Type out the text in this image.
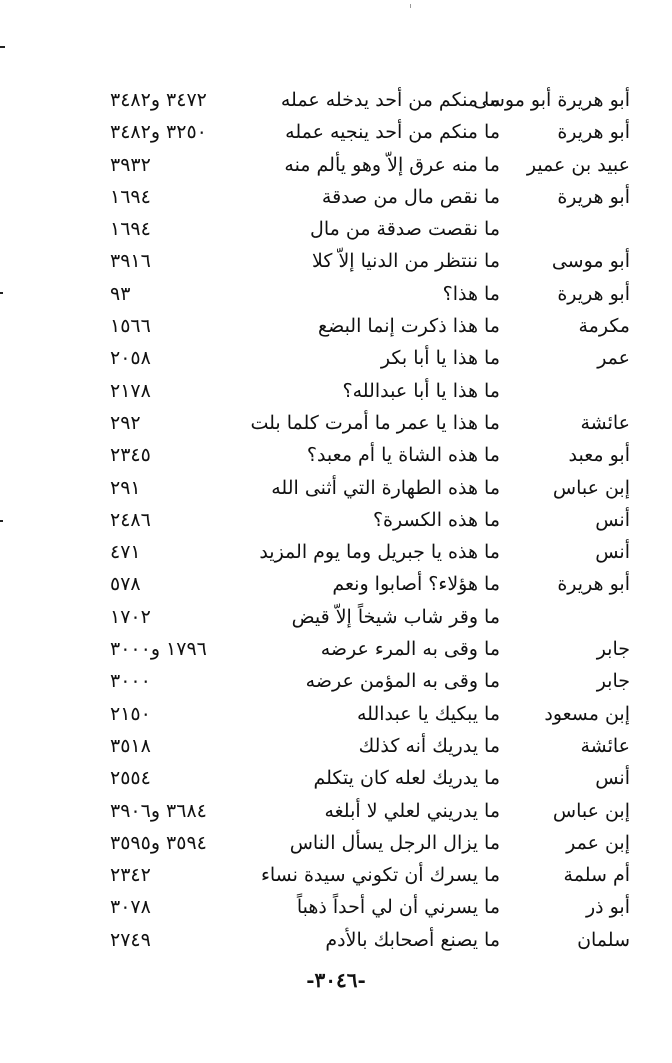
أبو هريرة أبو موسى
ما منكم من أحد يدخله عمله
٣٤٧٢ و٣٤٨٢
أبو هريرة
ما منكم من أحد ينجيه عمله
٣٢٥٠ و٣٤٨٢
عبيد بن عمير
ما منه عرق إلاّ وهو يألم منه
٣٩٣٢
أبو هريرة
ما نقص مال من صدقة
١٦٩٤
ما نقصت صدقة من مال
١٦٩٤
أبو موسى
ما ننتظر من الدنيا إلاّ كلا
٣٩١٦
أبو هريرة
ما هذا؟
٩٣
مكرمة
ما هذا ذكرت إنما البضع
١٥٦٦
عمر
ما هذا يا أبا بكر
٢٠٥٨
ما هذا يا أبا عبدالله؟
٢١٧٨
عائشة
ما هذا يا عمر ما أمرت كلما بلت
٢٩٢
أبو معبد
ما هذه الشاة يا أم معبد؟
٢٣٤٥
إبن عباس
ما هذه الطهارة التي أثنى الله
٢٩١
أنس
ما هذه الكسرة؟
٢٤٨٦
أنس
ما هذه يا جبريل وما يوم المزيد
٤٧١
أبو هريرة
ما هؤلاء؟ أصابوا ونعم
٥٧٨
ما وقر شاب شيخاً إلاّ قيض
١٧٠٢
جابر
ما وقى به المرء عرضه
١٧٩٦ و٣٠٠٠
جابر
ما وقى به المؤمن عرضه
٣٠٠٠
إبن مسعود
ما يبكيك يا عبدالله
٢١٥٠
عائشة
ما يدريك أنه كذلك
٣٥١٨
أنس
ما يدريك لعله كان يتكلم
٢٥٥٤
إبن عباس
ما يدريني لعلي لا أبلغه
٣٦٨٤ و٣٩٠٦
إبن عمر
ما يزال الرجل يسأل الناس
٣٥٩٤ و٣٥٩٥
أم سلمة
ما يسرك أن تكوني سيدة نساء
٢٣٤٢
أبو ذر
ما يسرني أن لي أحداً ذهباً
٣٠٧٨
سلمان
ما يصنع أصحابك بالأدم
٢٧٤٩
-٣٠٤٦-
